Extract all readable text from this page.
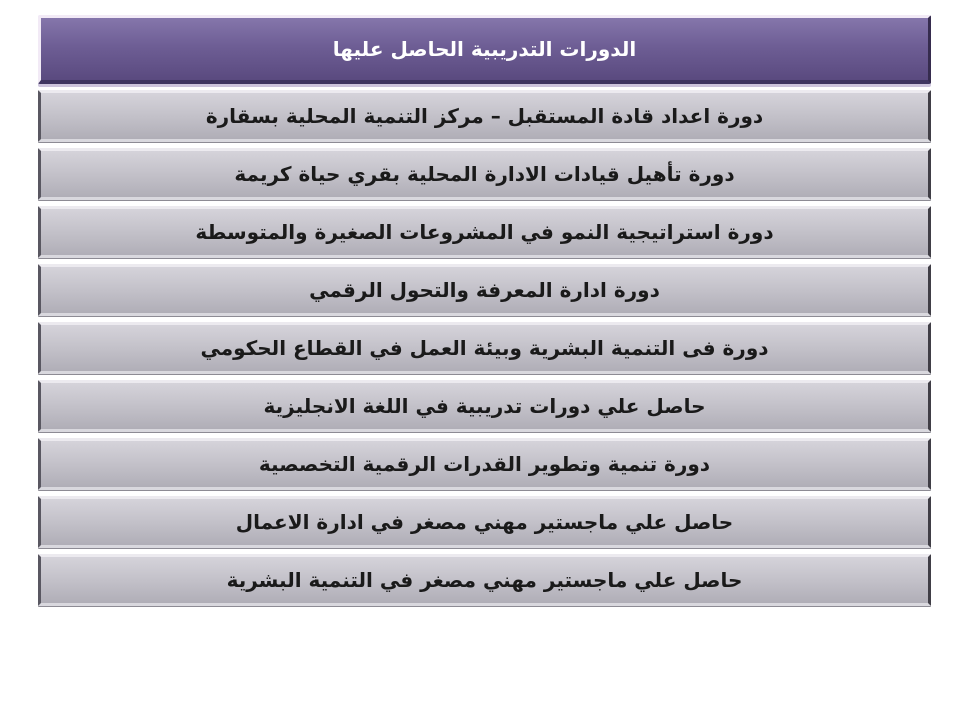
الدورات التدريبية الحاصل عليها
دورة اعداد قادة المستقبل – مركز التنمية المحلية بسقارة
دورة تأهيل قيادات الادارة المحلية بقري حياة كريمة
دورة استراتيجية النمو في المشروعات الصغيرة والمتوسطة
دورة ادارة المعرفة والتحول الرقمي
دورة فى التنمية البشرية وبيئة العمل في القطاع الحكومي
حاصل علي دورات تدريبية في اللغة الانجليزية
دورة تنمية وتطوير القدرات الرقمية التخصصية
حاصل علي ماجستير مهني مصغر في ادارة الاعمال
حاصل علي ماجستير مهني مصغر في التنمية البشرية
